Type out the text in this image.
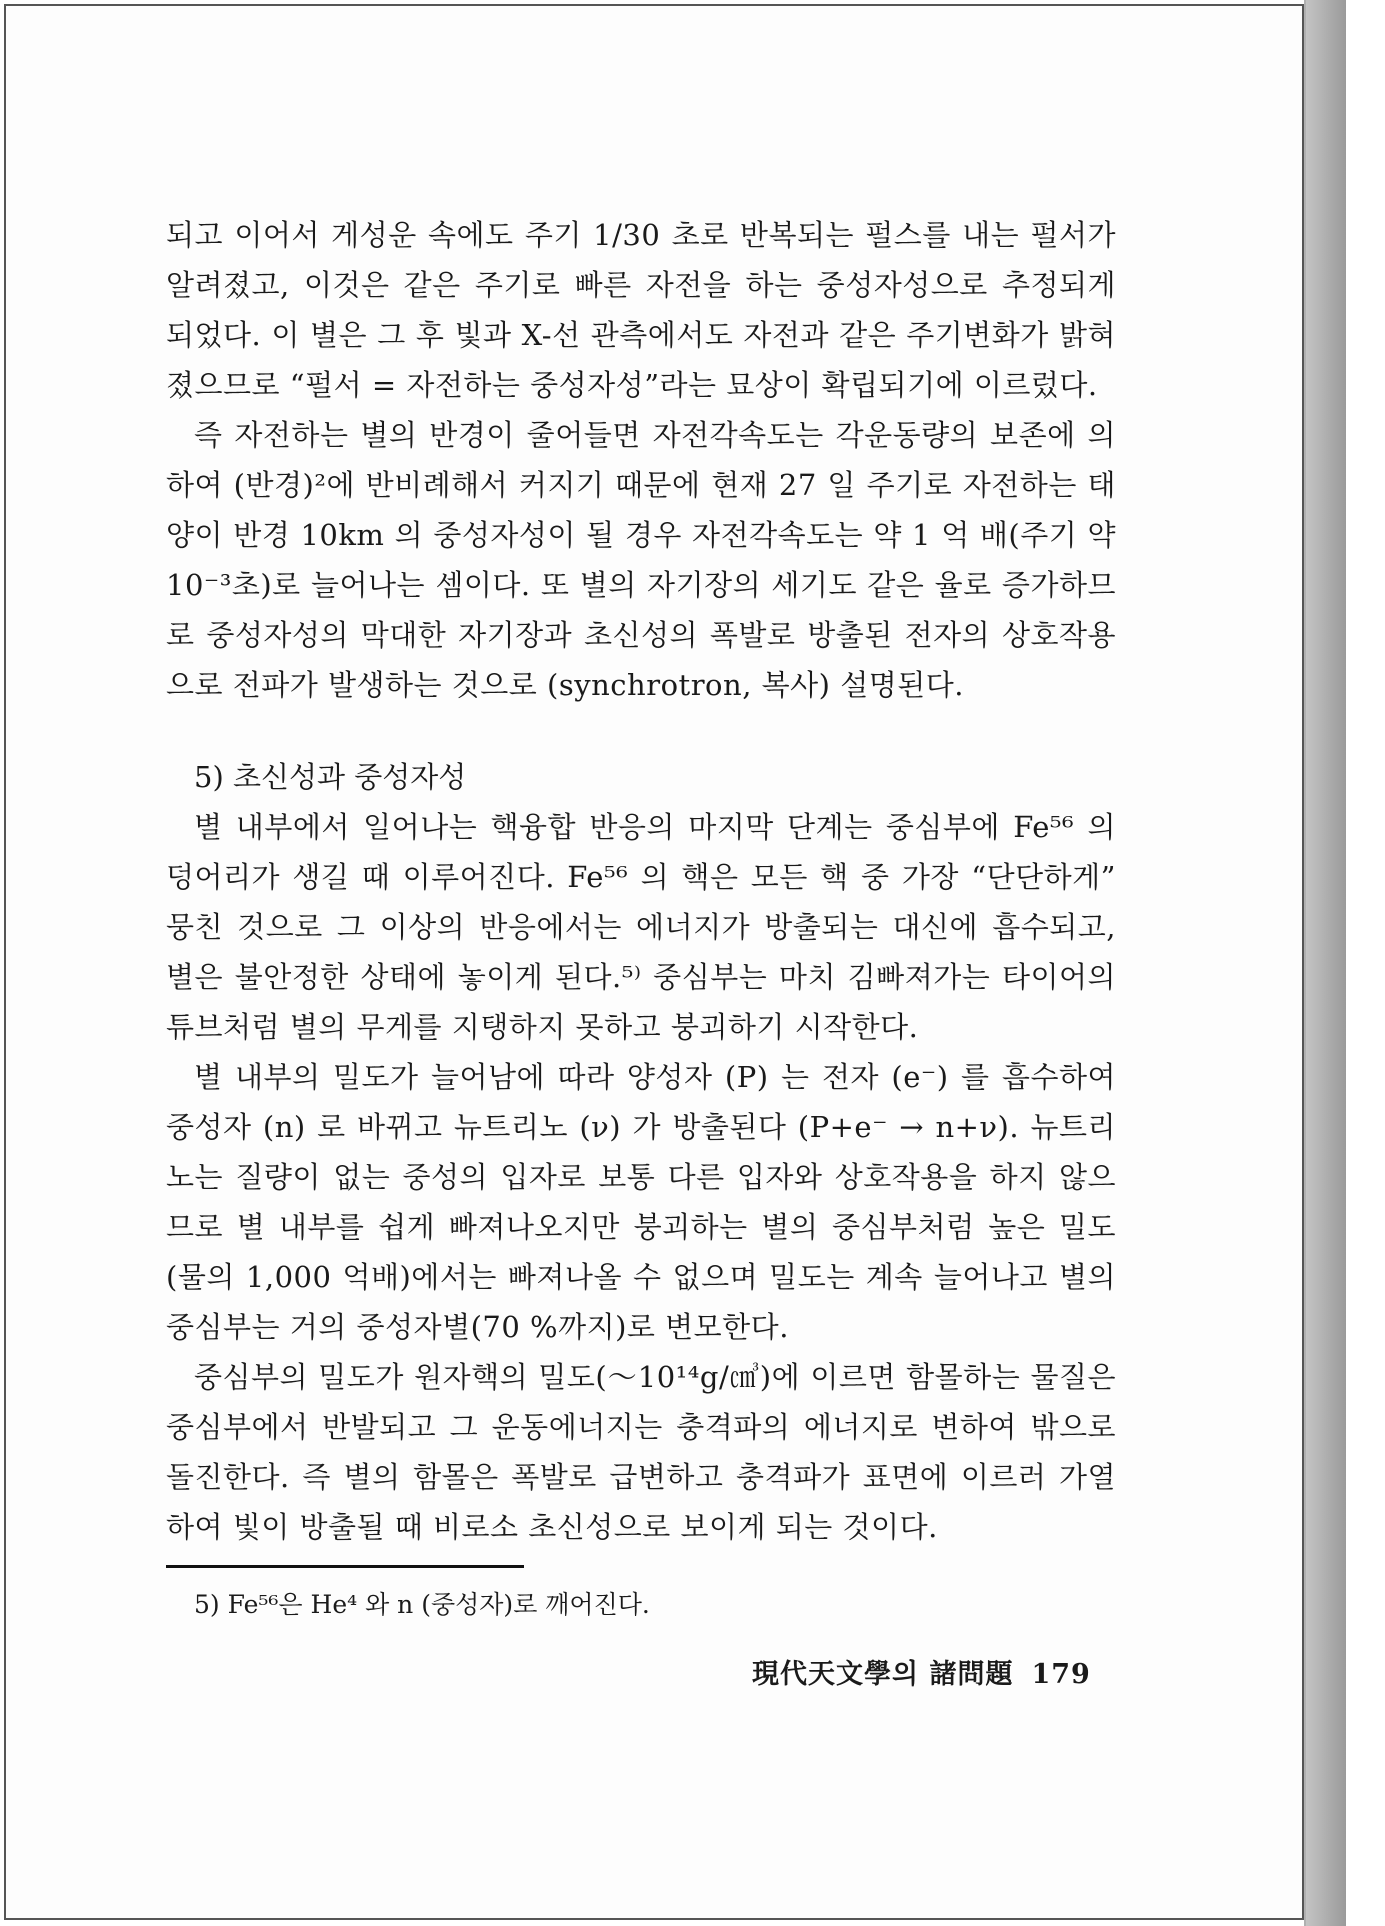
되고 이어서 게성운 속에도 주기 1/30 초로 반복되는 펄스를 내는 펄서가 알려졌고, 이것은 같은 주기로 빠른 자전을 하는 중성자성으로 추정되게 되었다. 이 별은 그 후 빛과 X-선 관측에서도 자전과 같은 주기변화가 밝혀졌으므로 “펄서 = 자전하는 중성자성”라는 묘상이 확립되기에 이르렀다.

즉 자전하는 별의 반경이 줄어들면 자전각속도는 각운동량의 보존에 의하여 (반경)²에 반비례해서 커지기 때문에 현재 27 일 주기로 자전하는 태양이 반경 10km 의 중성자성이 될 경우 자전각속도는 약 1 억 배(주기 약 10⁻³초)로 늘어나는 셈이다. 또 별의 자기장의 세기도 같은 율로 증가하므로 중성자성의 막대한 자기장과 초신성의 폭발로 방출된 전자의 상호작용으로 전파가 발생하는 것으로 (synchrotron, 복사) 설명된다.

5) 초신성과 중성자성

별 내부에서 일어나는 핵융합 반응의 마지막 단계는 중심부에 Fe⁵⁶ 의 덩어리가 생길 때 이루어진다. Fe⁵⁶ 의 핵은 모든 핵 중 가장 “단단하게” 뭉친 것으로 그 이상의 반응에서는 에너지가 방출되는 대신에 흡수되고, 별은 불안정한 상태에 놓이게 된다.⁵⁾ 중심부는 마치 김빠져가는 타이어의 튜브처럼 별의 무게를 지탱하지 못하고 붕괴하기 시작한다.

별 내부의 밀도가 늘어남에 따라 양성자 (P) 는 전자 (e⁻) 를 흡수하여 중성자 (n) 로 바뀌고 뉴트리노 (ν) 가 방출된다 (P+e⁻ → n+ν). 뉴트리노는 질량이 없는 중성의 입자로 보통 다른 입자와 상호작용을 하지 않으므로 별 내부를 쉽게 빠져나오지만 붕괴하는 별의 중심부처럼 높은 밀도(물의 1,000 억배)에서는 빠져나올 수 없으며 밀도는 계속 늘어나고 별의 중심부는 거의 중성자별(70 %까지)로 변모한다.

중심부의 밀도가 원자핵의 밀도(～10¹⁴g/㎤)에 이르면 함몰하는 물질은 중심부에서 반발되고 그 운동에너지는 충격파의 에너지로 변하여 밖으로 돌진한다. 즉 별의 함몰은 폭발로 급변하고 충격파가 표면에 이르러 가열하여 빛이 방출될 때 비로소 초신성으로 보이게 되는 것이다.

5) Fe⁵⁶은 He⁴ 와 n (중성자)로 깨어진다.
現代天文學의 諸問題 179
